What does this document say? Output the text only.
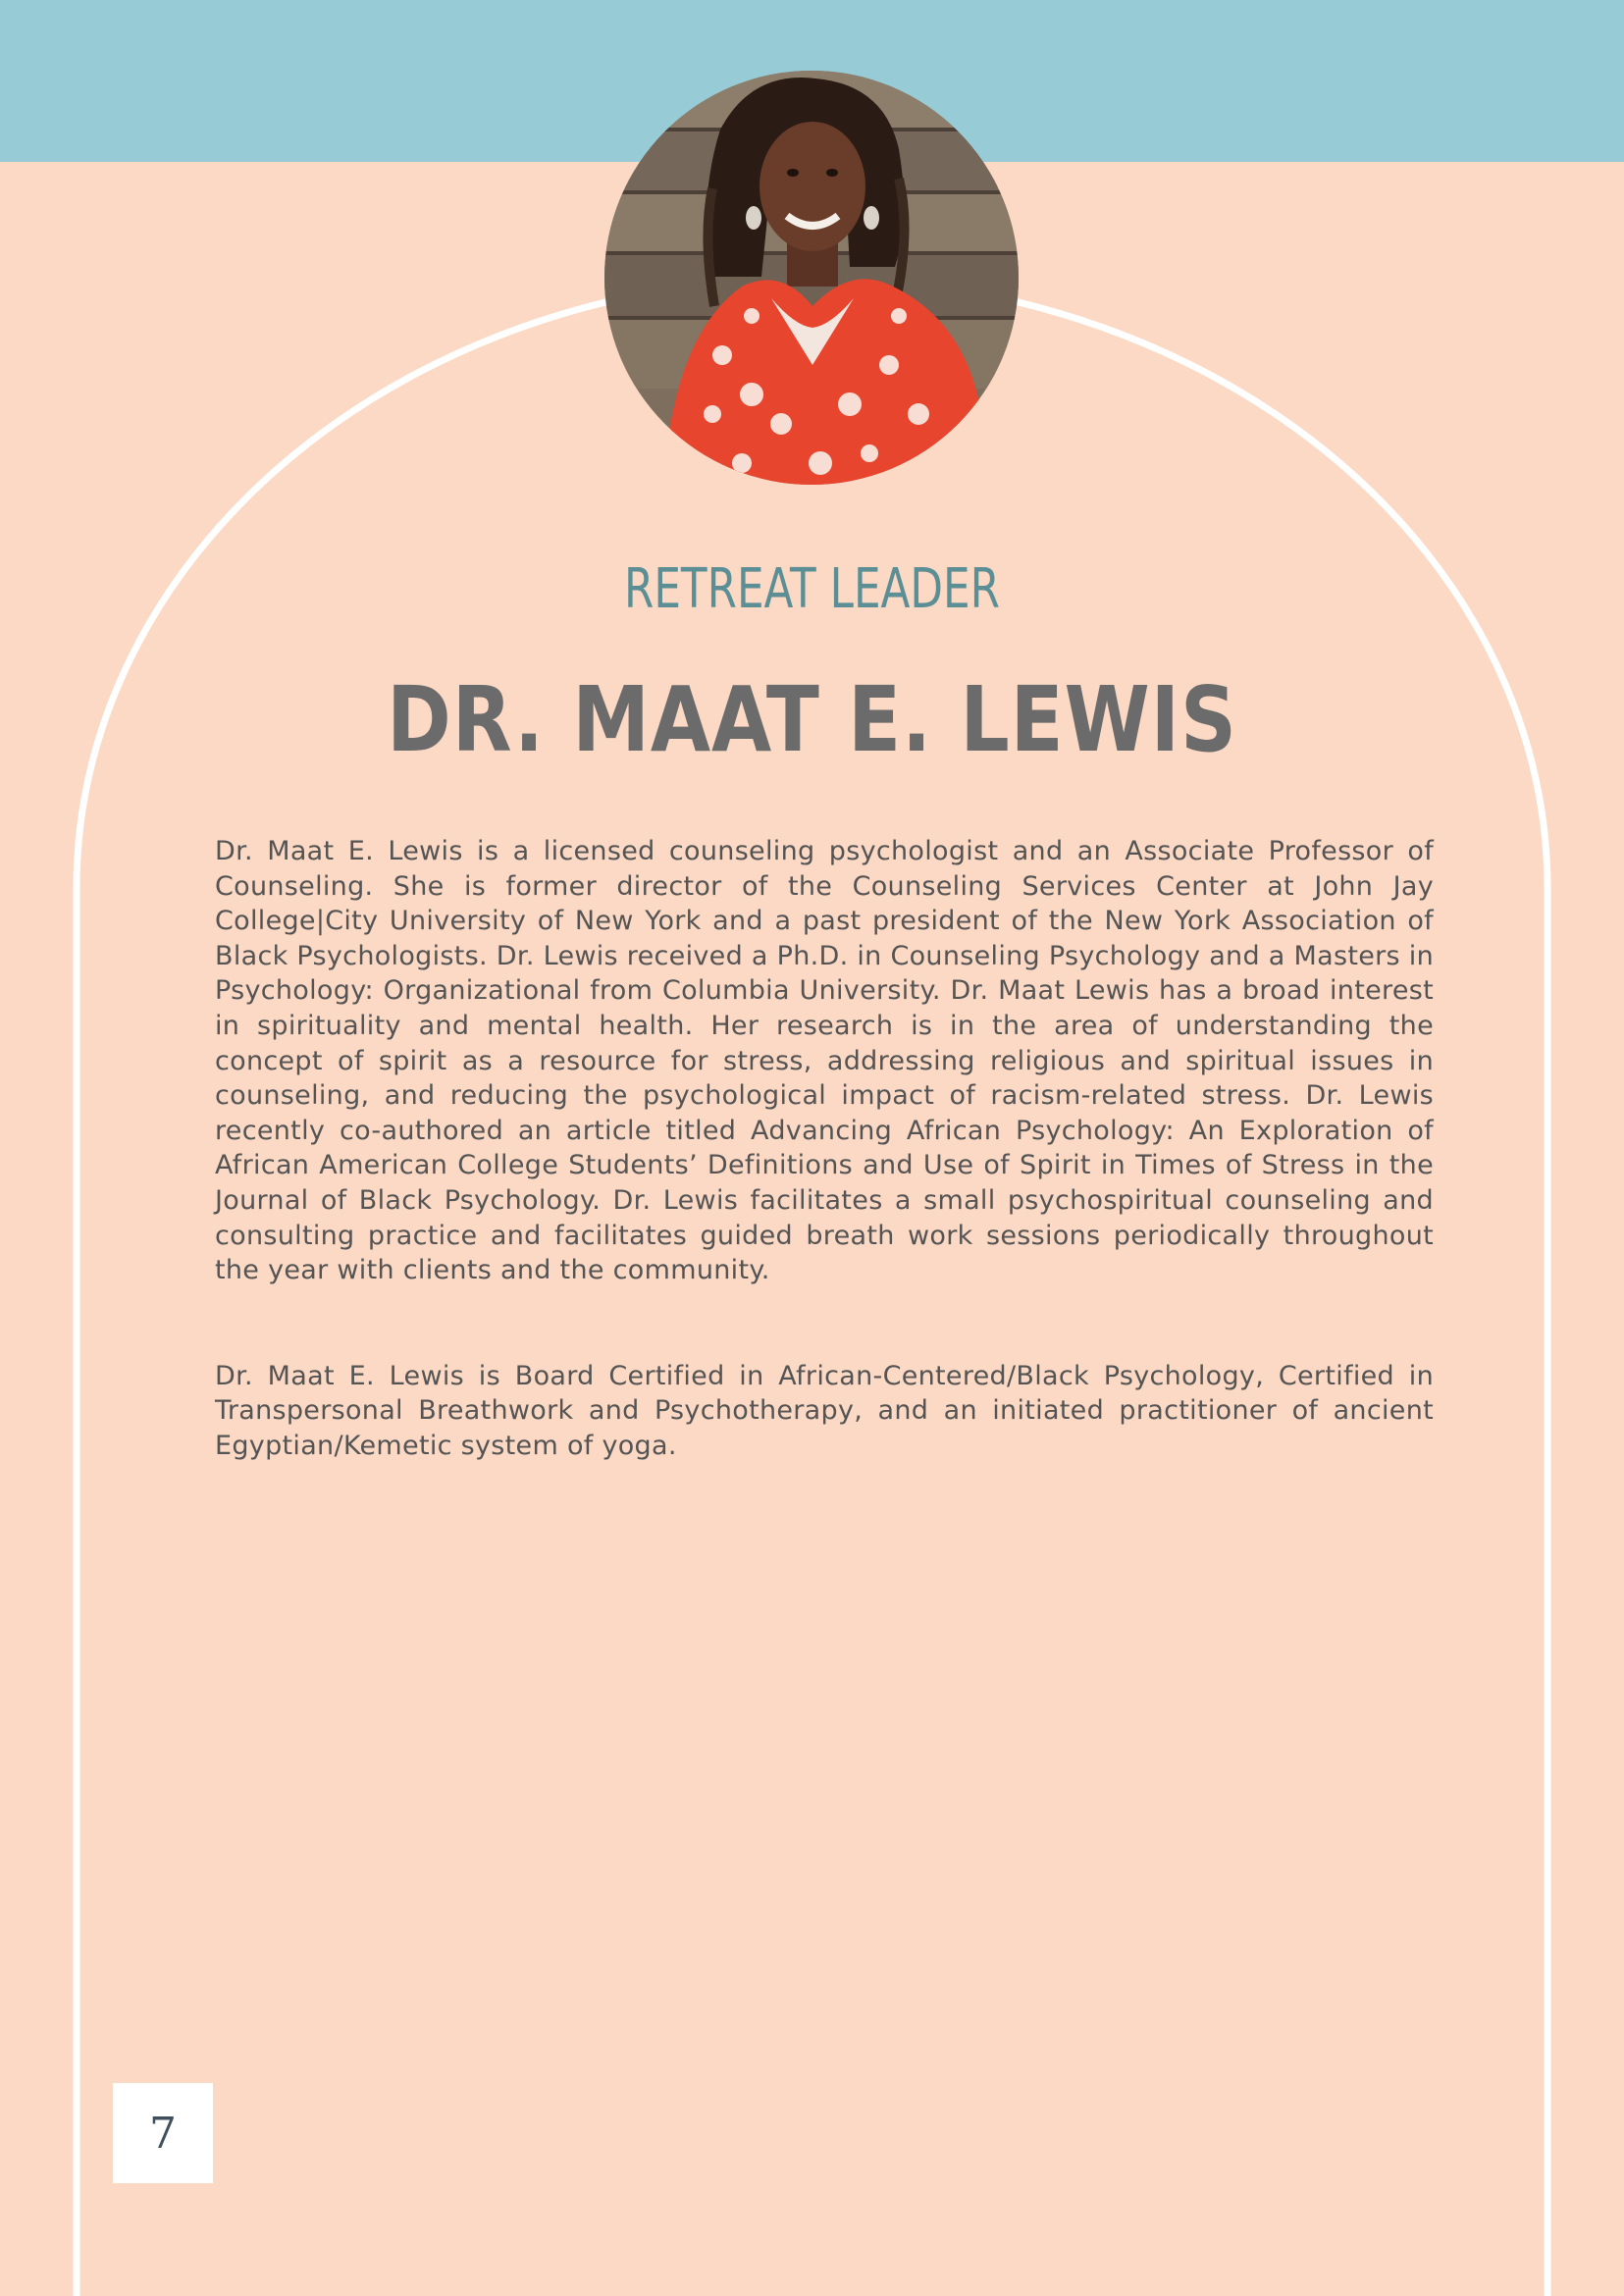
RETREAT LEADER
DR. MAAT E. LEWIS

Dr. Maat E. Lewis is a licensed counseling psychologist and an Associate Professor of Counseling. She is former director of the Counseling Services Center at John Jay College|City University of New York and a past president of the New York Association of Black Psychologists. Dr. Lewis received a Ph.D. in Counseling Psychology and a Masters in Psychology: Organizational from Columbia University. Dr. Maat Lewis has a broad interest in spirituality and mental health. Her research is in the area of understanding the concept of spirit as a resource for stress, addressing religious and spiritual issues in counseling, and reducing the psychological impact of racism-related stress. Dr. Lewis recently co-authored an article titled Advancing African Psychology: An Exploration of African American College Students’ Definitions and Use of Spirit in Times of Stress in the Journal of Black Psychology. Dr. Lewis facilitates a small psychospiritual counseling and consulting practice and facilitates guided breath work sessions periodically throughout the year with clients and the community.

Dr. Maat E. Lewis is Board Certified in African-Centered/Black Psychology, Certified in Transpersonal Breathwork and Psychotherapy, and an initiated practitioner of ancient Egyptian/Kemetic system of yoga.

7
